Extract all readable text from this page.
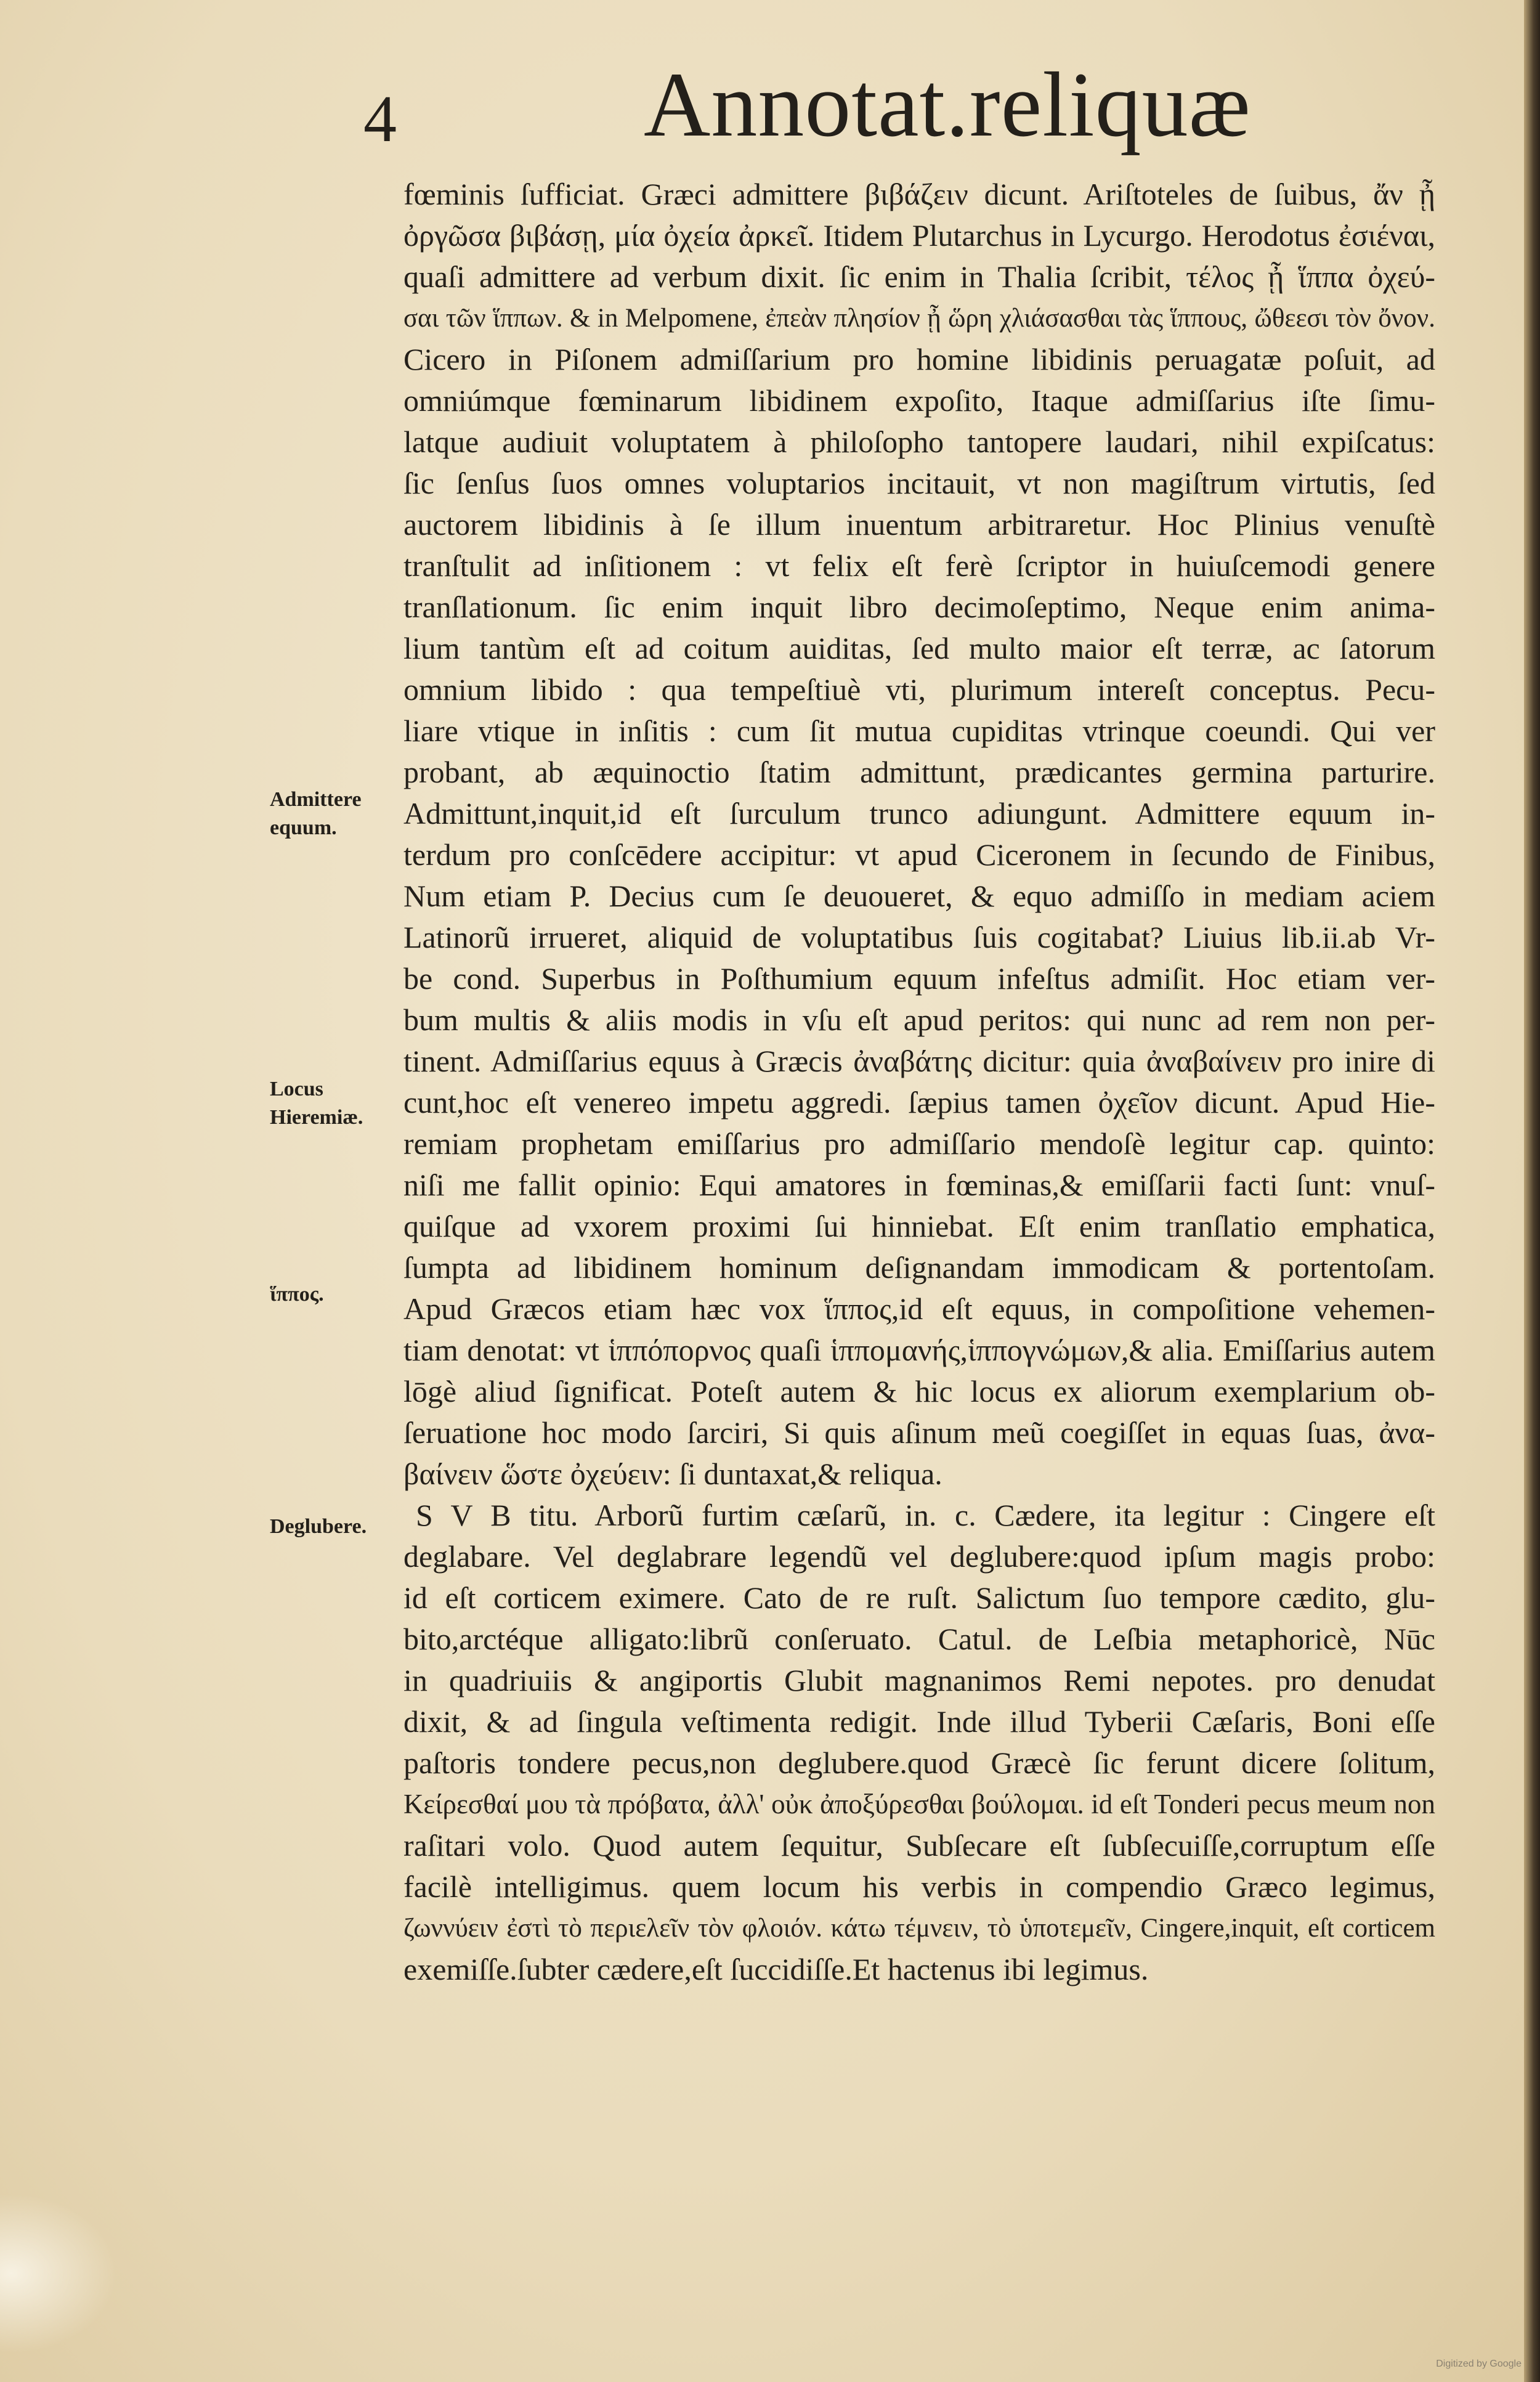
4	Annotat.reliquæ
Admittere equum.
Locus Hieremiæ.
ἵππος.
Deglubere.
fœminis ſufficiat. Græci admittere βιβάζειν dicunt. Ariſtoteles de ſuibus, ἄν ᾖ
ὀργῶσα βιβάσῃ, μία ὀχεία ἀρκεῖ. Itidem Plutarchus in Lycurgo. Herodotus ἐσιέναι,
quaſi admittere ad verbum dixit. ſic enim in Thalia ſcribit, τέλος ᾖ ἵππα ὀχεύ-
σαι τῶν ἵππων. & in Melpomene, ἐπεὰν πλησίον ᾖ ὥρη χλιάσασθαι τὰς ἵππους, ὤθεεσι τὸν ὄνον.
Cicero in Piſonem admiſſarium pro homine libidinis peruagatæ poſuit, ad
omniúmque fœminarum libidinem expoſito, Itaque admiſſarius iſte ſimu-
latque audiuit voluptatem à philoſopho tantopere laudari, nihil expiſcatus:
ſic ſenſus ſuos omnes voluptarios incitauit, vt non magiſtrum virtutis, ſed
auctorem libidinis à ſe illum inuentum arbitraretur. Hoc Plinius venuſtè
tranſtulit ad inſitionem : vt felix eſt ferè ſcriptor in huiuſcemodi genere
tranſlationum. ſic enim inquit libro decimoſeptimo, Neque enim anima-
lium tantùm eſt ad coitum auiditas, ſed multo maior eſt terræ, ac ſatorum
omnium libido : qua tempeſtiuè vti, plurimum intereſt conceptus. Pecu-
liare vtique in inſitis : cum ſit mutua cupiditas vtrinque coeundi. Qui ver
probant, ab æquinoctio ſtatim admittunt, prædicantes germina parturire.
Admittunt,inquit,id eſt ſurculum trunco adiungunt. Admittere equum in-
terdum pro conſcēdere accipitur: vt apud Ciceronem in ſecundo de Finibus,
Num etiam P. Decius cum ſe deuoueret, & equo admiſſo in mediam aciem
Latinorũ irrueret, aliquid de voluptatibus ſuis cogitabat? Liuius lib.ii.ab Vr-
be cond. Superbus in Poſthumium equum infeſtus admiſit. Hoc etiam ver-
bum multis & aliis modis in vſu eſt apud peritos: qui nunc ad rem non per-
tinent. Admiſſarius equus à Græcis ἀναβάτης dicitur: quia ἀναβαίνειν pro inire di
cunt,hoc eſt venereo impetu aggredi. ſæpius tamen ὀχεῖον dicunt. Apud Hie-
remiam prophetam emiſſarius pro admiſſario mendoſè legitur cap. quinto:
niſi me fallit opinio: Equi amatores in fœminas,& emiſſarii facti ſunt: vnuſ-
quiſque ad vxorem proximi ſui hinniebat. Eſt enim tranſlatio emphatica,
ſumpta ad libidinem hominum deſignandam immodicam & portentoſam.
Apud Græcos etiam hæc vox ἵππος,id eſt equus, in compoſitione vehemen-
tiam denotat: vt ἱππόπορνος quaſi ἱππομανής,ἱππογνώμων,& alia. Emiſſarius autem
lōgè aliud ſignificat. Poteſt autem & hic locus ex aliorum exemplarium ob-
ſeruatione hoc modo ſarciri, Si quis aſinum meũ coegiſſet in equas ſuas, ἀνα-
βαίνειν ὥστε ὀχεύειν: ſi duntaxat,& reliqua.
S V B titu. Arborũ furtim cæſarũ, in. c. Cædere, ita legitur : Cingere eſt
deglabare. Vel deglabrare legendũ vel deglubere:quod ipſum magis probo:
id eſt corticem eximere. Cato de re ruſt. Salictum ſuo tempore cædito, glu-
bito,arctéque alligato:librũ conſeruato. Catul. de Leſbia metaphoricè, Nūc
in quadriuiis & angiportis Glubit magnanimos Remi nepotes. pro denudat
dixit, & ad ſingula veſtimenta redigit. Inde illud Tyberii Cæſaris, Boni eſſe
paſtoris tondere pecus,non deglubere.quod Græcè ſic ferunt dicere ſolitum,
Κείρεσθαί μου τὰ πρόβατα, ἀλλ' οὐκ ἀποξύρεσθαι βούλομαι. id eſt Tonderi pecus meum non
raſitari volo. Quod autem ſequitur, Subſecare eſt ſubſecuiſſe,corruptum eſſe
facilè intelligimus. quem locum his verbis in compendio Græco legimus,
ζωννύειν ἐστὶ τὸ περιελεῖν τὸν φλοιόν. κάτω τέμνειν, τὸ ὑποτεμεῖν, Cingere,inquit, eſt corticem
exemiſſe.ſubter cædere,eſt ſuccidiſſe.Et hactenus ibi legimus.
Digitized by Google
